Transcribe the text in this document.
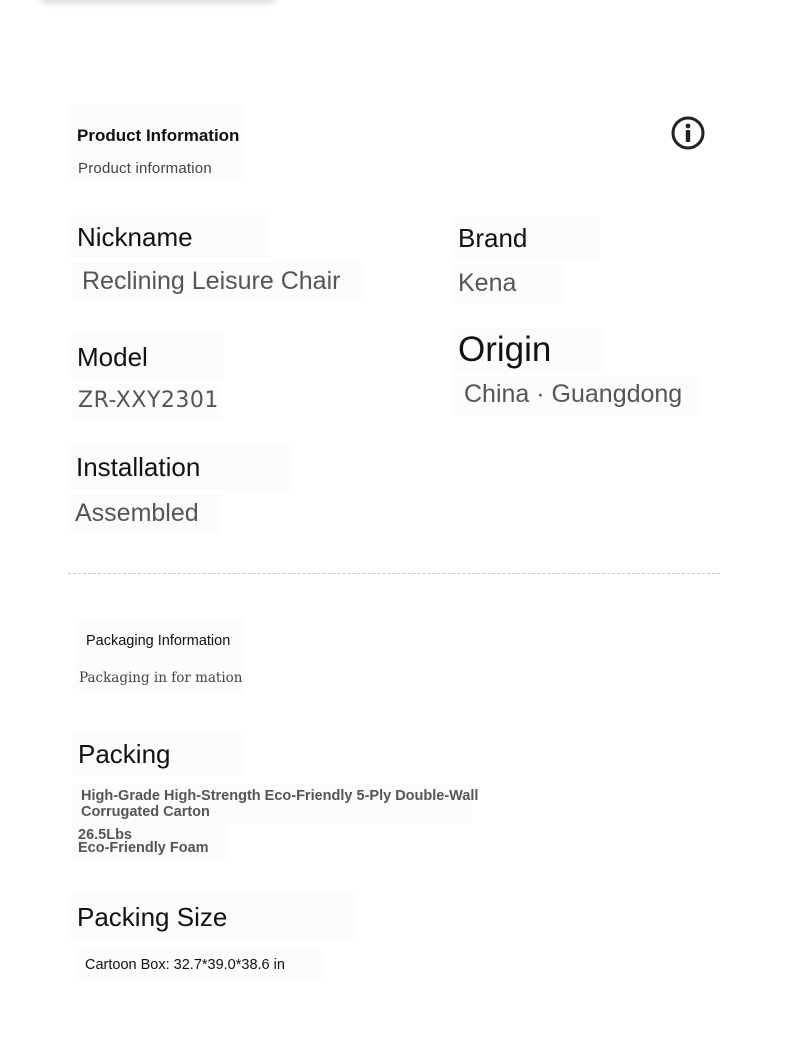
Product Information
Product information
Nickname
Reclining Leisure Chair
Brand
Kena
Model
ZR-XXY2301
Origin
China · Guangdong
Installation
Assembled
Packaging Information
Packaging in for mation
Packing
High-Grade High-Strength Eco-Friendly 5-Ply Double-Wall
Corrugated Carton
26.5Lbs
Eco-Friendly Foam
Packing Size
Cartoon Box: 32.7*39.0*38.6 in
